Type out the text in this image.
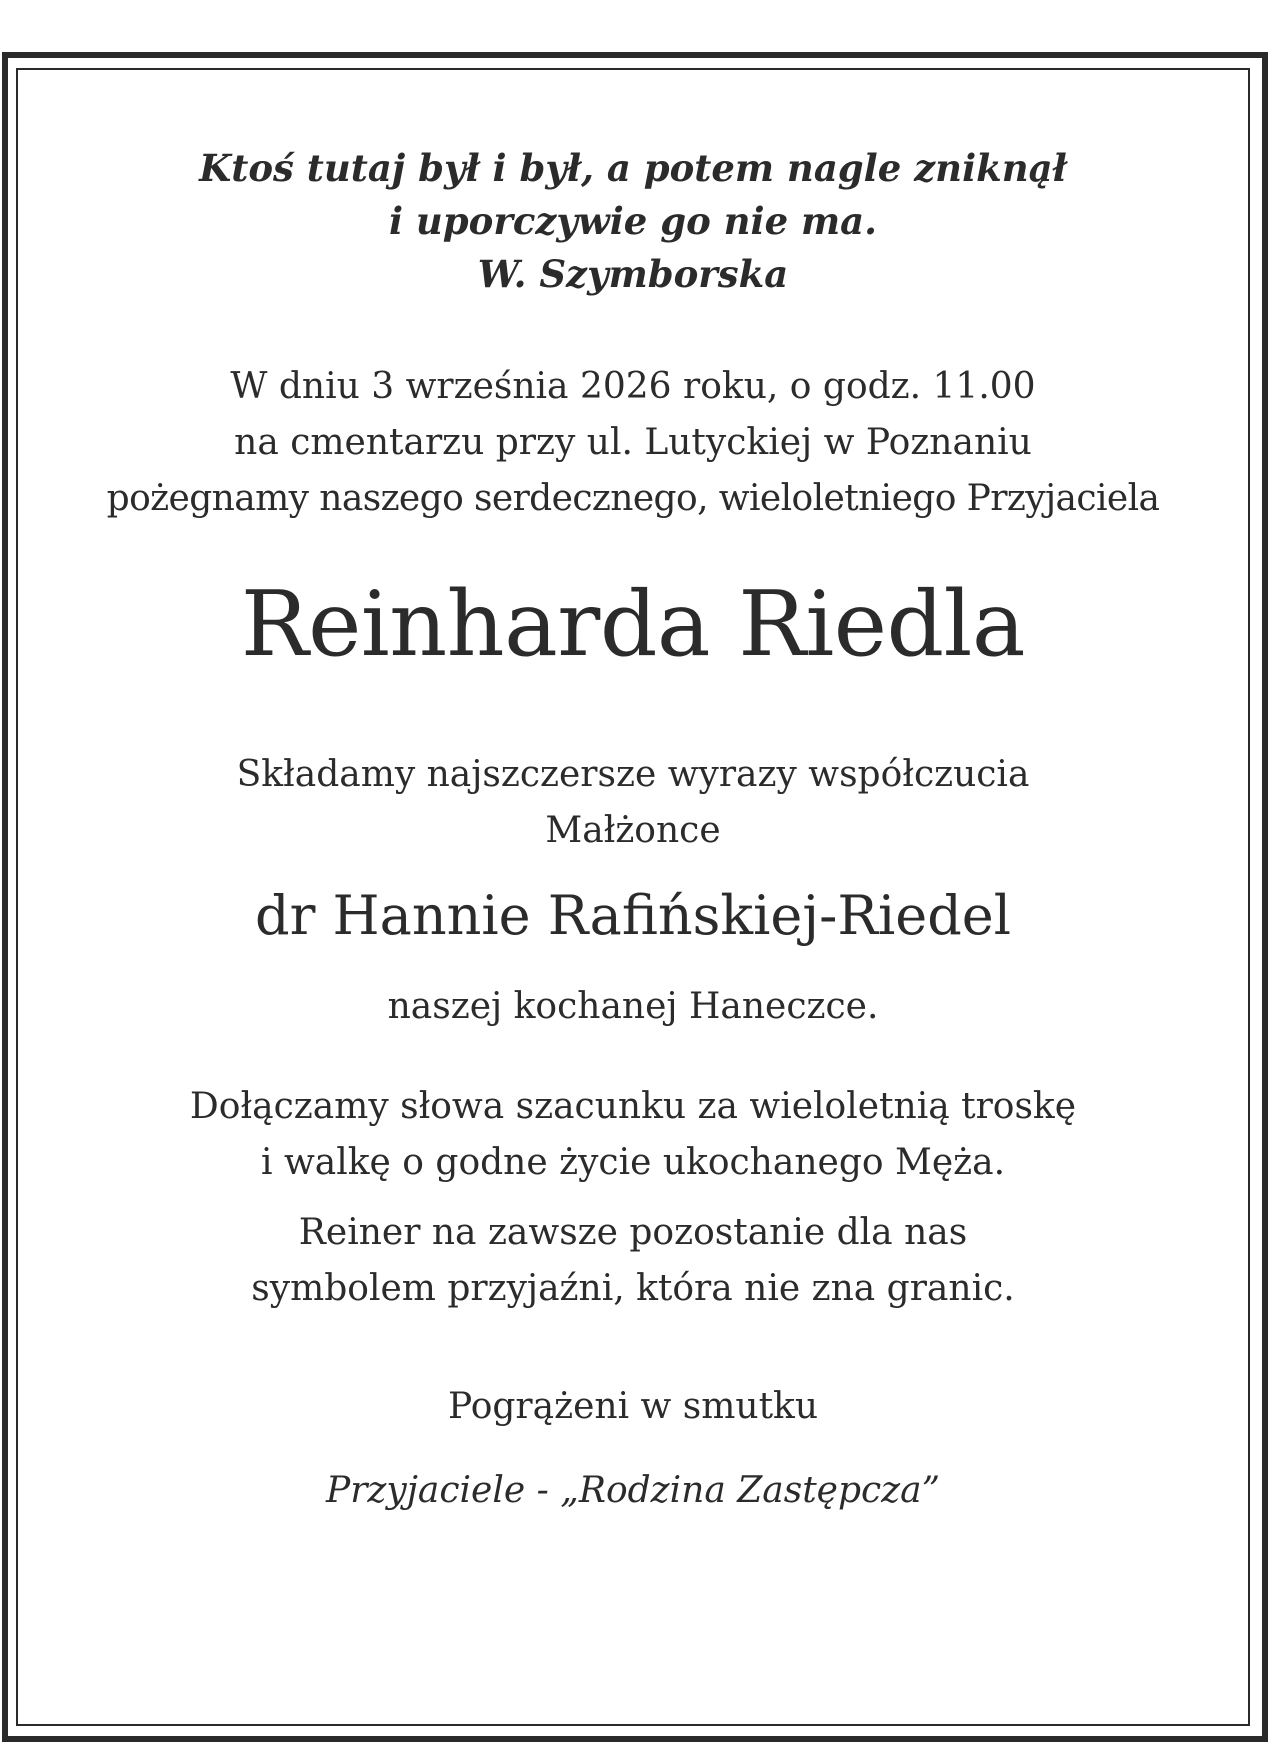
Ktoś tutaj był i był, a potem nagle zniknął
i uporczywie go nie ma.
W. Szymborska
W dniu 3 września 2026 roku, o godz. 11.00
na cmentarzu przy ul. Lutyckiej w Poznaniu
pożegnamy naszego serdecznego, wieloletniego Przyjaciela
Reinharda Riedla
Składamy najszczersze wyrazy współczucia
Małżonce
dr Hannie Rafińskiej-Riedel
naszej kochanej Haneczce.
Dołączamy słowa szacunku za wieloletnią troskę
i walkę o godne życie ukochanego Męża.
Reiner na zawsze pozostanie dla nas
symbolem przyjaźni, która nie zna granic.
Pogrążeni w smutku
Przyjaciele - „Rodzina Zastępcza”
